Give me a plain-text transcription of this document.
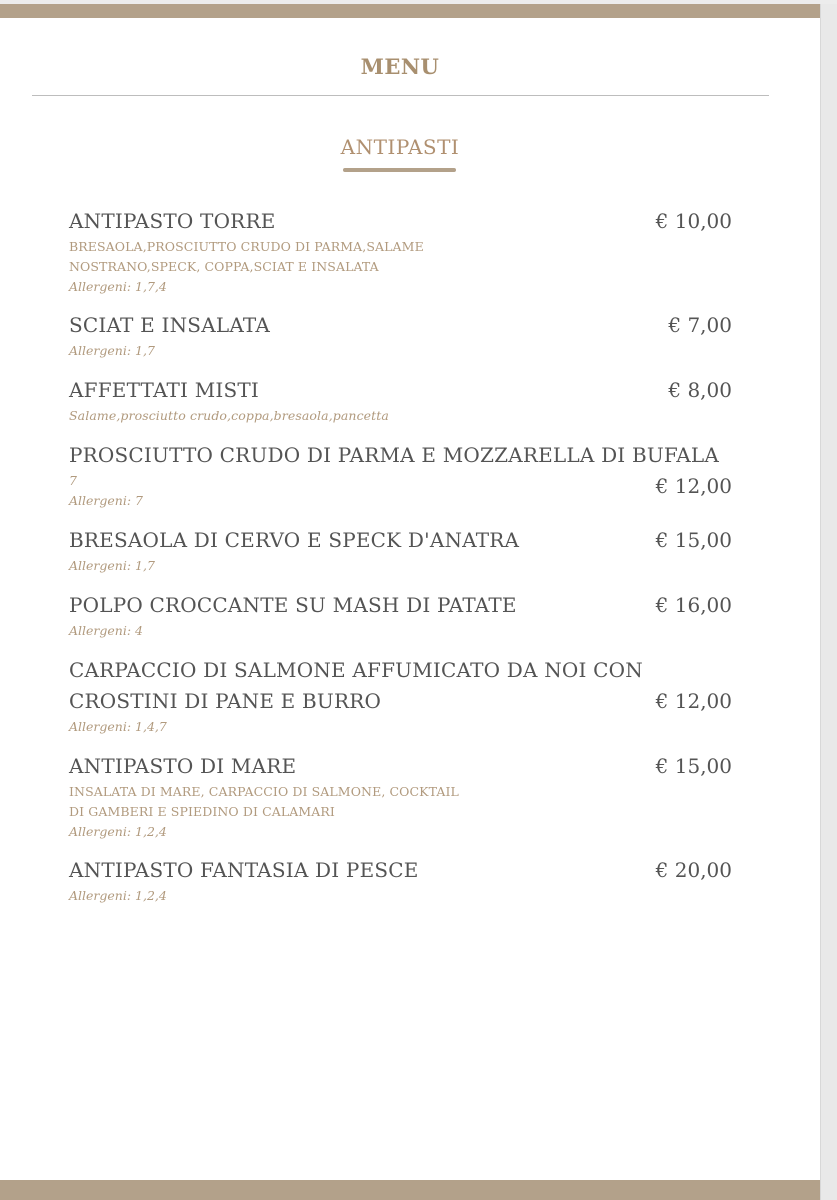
MENU
ANTIPASTI
€ 10,00
ANTIPASTO TORRE
BRESAOLA,PROSCIUTTO CRUDO DI PARMA,SALAME
NOSTRANO,SPECK, COPPA,SCIAT E INSALATA
Allergeni: 1,7,4
€ 7,00
SCIAT E INSALATA
Allergeni: 1,7
€ 8,00
AFFETTATI MISTI
Salame,prosciutto crudo,coppa,bresaola,pancetta
€ 12,00
PROSCIUTTO CRUDO DI PARMA E MOZZARELLA DI BUFALA
7
Allergeni: 7
€ 15,00
BRESAOLA DI CERVO E SPECK D'ANATRA
Allergeni: 1,7
€ 16,00
POLPO CROCCANTE SU MASH DI PATATE
Allergeni: 4
€ 12,00
CARPACCIO DI SALMONE AFFUMICATO DA NOI CON
CROSTINI DI PANE E BURRO
Allergeni: 1,4,7
€ 15,00
ANTIPASTO DI MARE
INSALATA DI MARE, CARPACCIO DI SALMONE, COCKTAIL
DI GAMBERI E SPIEDINO DI CALAMARI
Allergeni: 1,2,4
€ 20,00
ANTIPASTO FANTASIA DI PESCE
Allergeni: 1,2,4
